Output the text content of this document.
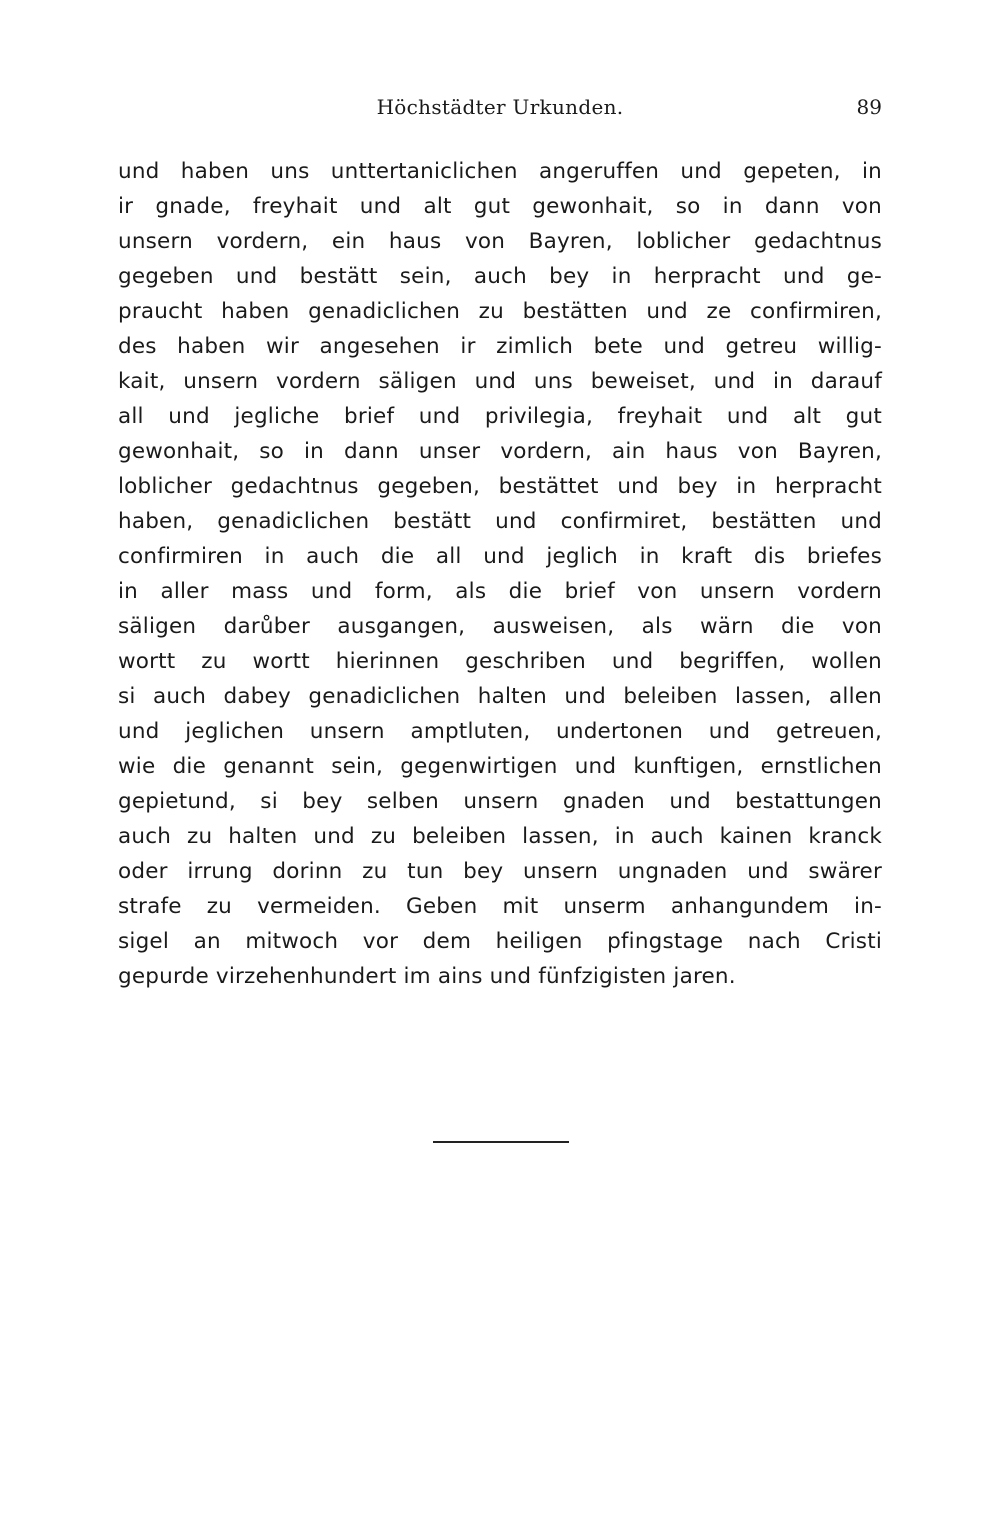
Höchstädter Urkunden.	89
und haben uns unttertaniclichen angeruffen und gepeten, in
ir gnade, freyhait und alt gut gewonhait, so in dann von
unsern vordern, ein haus von Bayren, loblicher gedachtnus
gegeben und bestätt sein, auch bey in herpracht und ge-
praucht haben genadiclichen zu bestätten und ze confirmiren,
des haben wir angesehen ir zimlich bete und getreu willig-
kait, unsern vordern säligen und uns beweiset, und in darauf
all und jegliche brief und privilegia, freyhait und alt gut
gewonhait, so in dann unser vordern, ain haus von Bayren,
loblicher gedachtnus gegeben, bestättet und bey in herpracht
haben, genadiclichen bestätt und confirmiret, bestätten und
confirmiren in auch die all und jeglich in kraft dis briefes
in aller mass und form, als die brief von unsern vordern
säligen darůber ausgangen, ausweisen, als wärn die von
wortt zu wortt hierinnen geschriben und begriffen, wollen
si auch dabey genadiclichen halten und beleiben lassen, allen
und jeglichen unsern amptluten, undertonen und getreuen,
wie die genannt sein, gegenwirtigen und kunftigen, ernstlichen
gepietund, si bey selben unsern gnaden und bestattungen
auch zu halten und zu beleiben lassen, in auch kainen kranck
oder irrung dorinn zu tun bey unsern ungnaden und swärer
strafe zu vermeiden. Geben mit unserm anhangundem in-
sigel an mitwoch vor dem heiligen pfingstage nach Cristi
gepurde virzehenhundert im ains und fünfzigisten jaren.
